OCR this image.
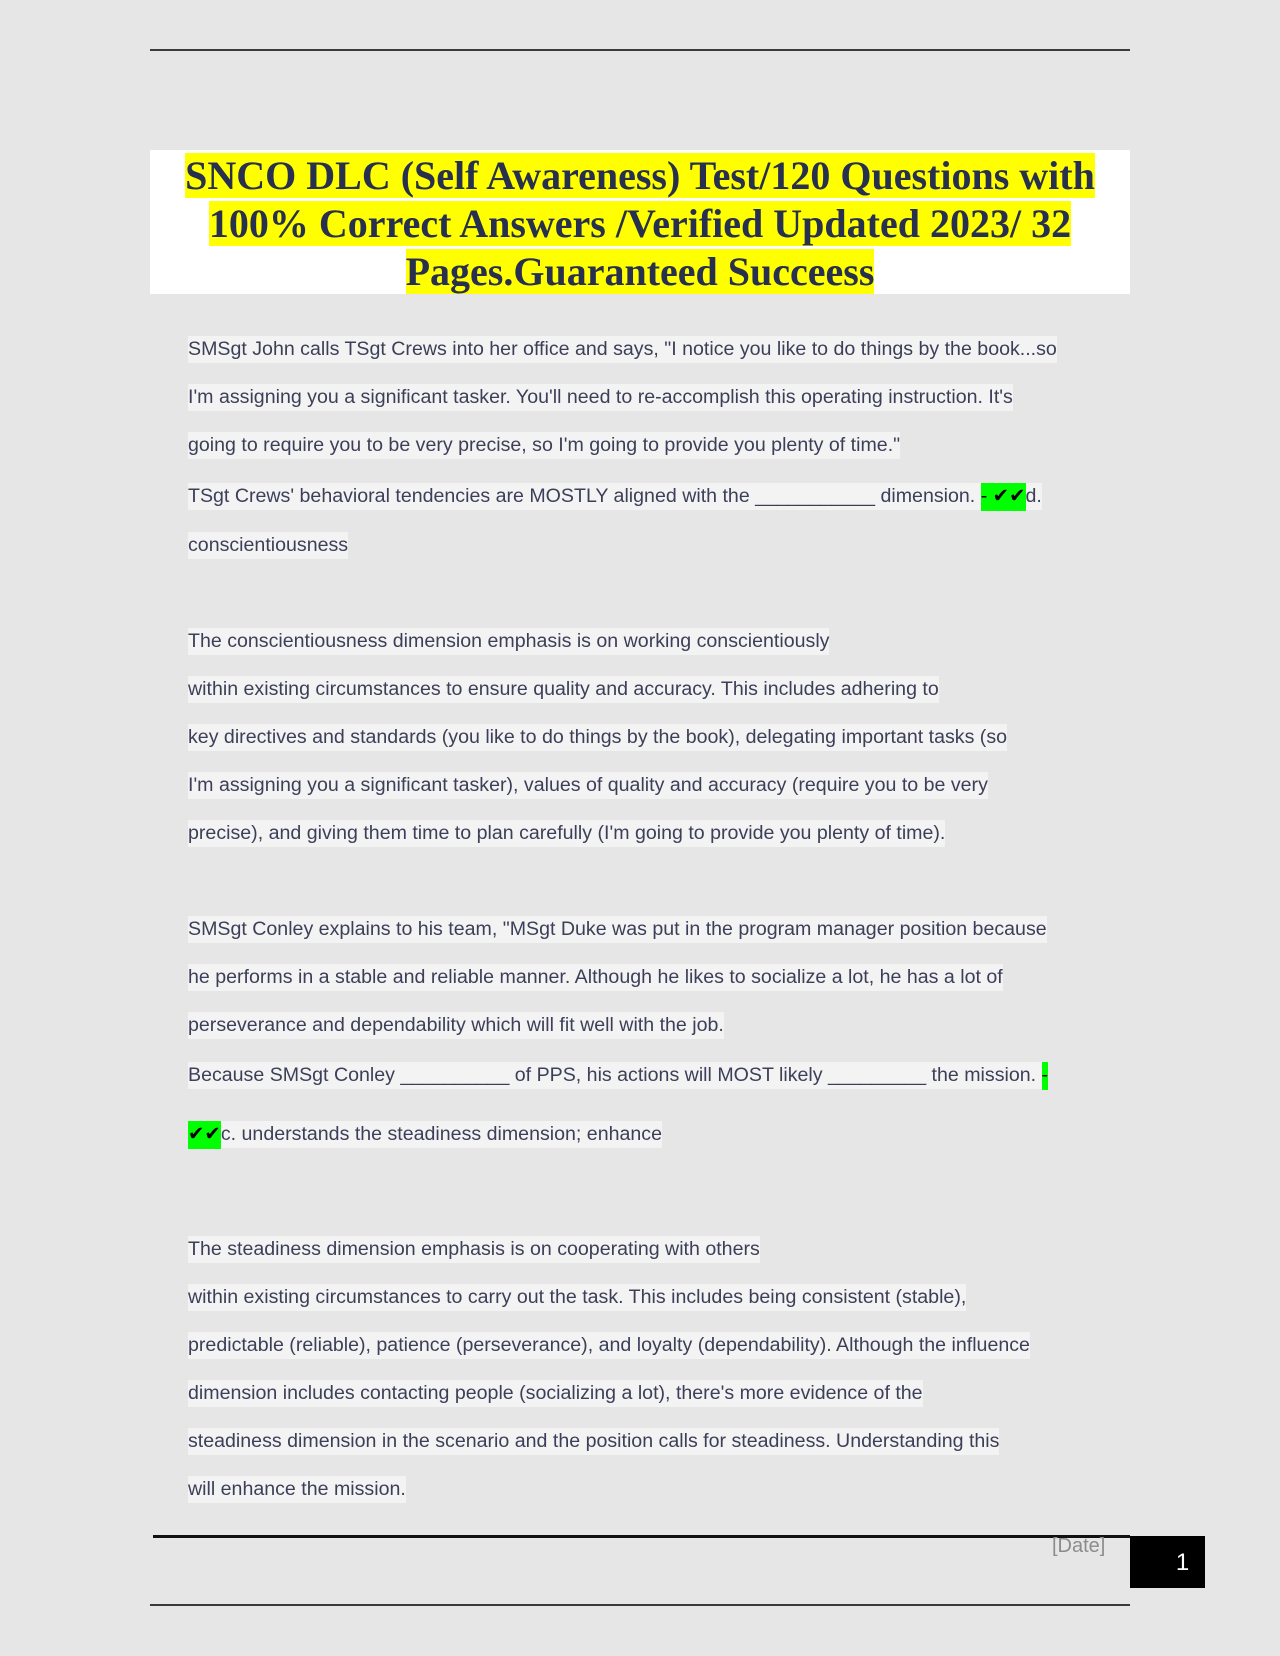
SNCO DLC (Self Awareness) Test/120 Questions with
100% Correct Answers /Verified Updated 2023/ 32
Pages.Guaranteed Succeess
SMSgt John calls TSgt Crews into her office and says, "I notice you like to do things by the book...so
I'm assigning you a significant tasker. You'll need to re-accomplish this operating instruction. It's
going to require you to be very precise, so I'm going to provide you plenty of time."
TSgt Crews' behavioral tendencies are MOSTLY aligned with the ___________ dimension. - ✔✔d.
conscientiousness
The conscientiousness dimension emphasis is on working conscientiously
within existing circumstances to ensure quality and accuracy. This includes adhering to
key directives and standards (you like to do things by the book), delegating important tasks (so
I'm assigning you a significant tasker), values of quality and accuracy (require you to be very
precise), and giving them time to plan carefully (I'm going to provide you plenty of time).
SMSgt Conley explains to his team, "MSgt Duke was put in the program manager position because
he performs in a stable and reliable manner. Although he likes to socialize a lot, he has a lot of
perseverance and dependability which will fit well with the job.
Because SMSgt Conley __________ of PPS, his actions will MOST likely _________ the mission. -
✔✔c. understands the steadiness dimension; enhance
The steadiness dimension emphasis is on cooperating with others
within existing circumstances to carry out the task. This includes being consistent (stable),
predictable (reliable), patience (perseverance), and loyalty (dependability). Although the influence
dimension includes contacting people (socializing a lot), there's more evidence of the
steadiness dimension in the scenario and the position calls for steadiness. Understanding this
will enhance the mission.
[Date]
1
